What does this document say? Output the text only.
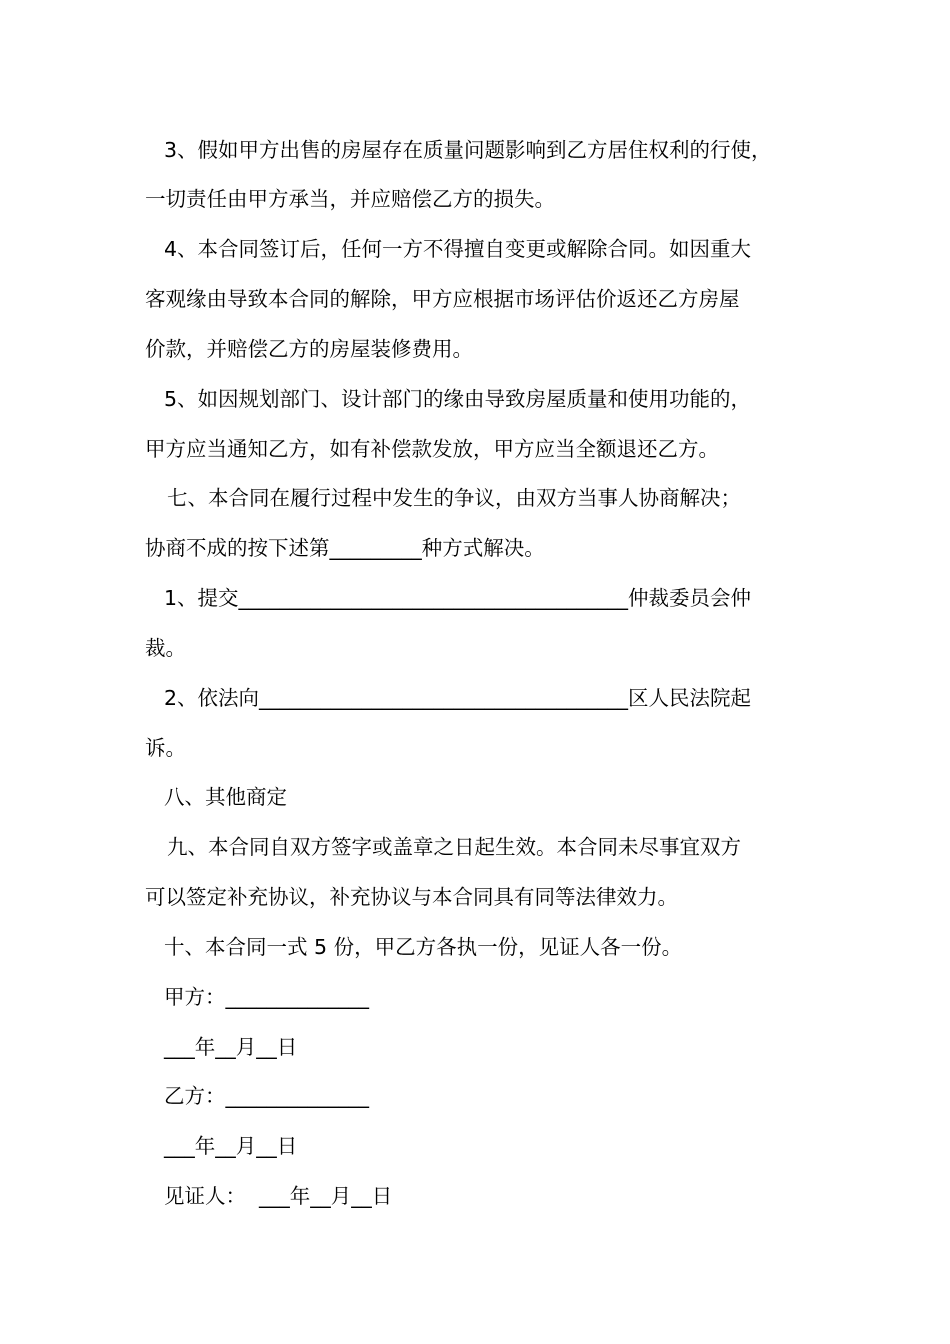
3、假如甲方出售的房屋存在质量问题影响到乙方居住权利的行使，

一切责任由甲方承当，并应赔偿乙方的损失。

4、本合同签订后，任何一方不得擅自变更或解除合同。如因重大

客观缘由导致本合同的解除，甲方应根据市场评估价返还乙方房屋

价款，并赔偿乙方的房屋装修费用。

5、如因规划部门、设计部门的缘由导致房屋质量和使用功能的，

甲方应当通知乙方，如有补偿款发放，甲方应当全额退还乙方。

七、本合同在履行过程中发生的争议，由双方当事人协商解决；

协商不成的按下述第_________种方式解决。

1、提交______________________________________仲裁委员会仲

裁。

2、依法向____________________________________区人民法院起

诉。

八、其他商定

九、本合同自双方签字或盖章之日起生效。本合同未尽事宜双方

可以签定补充协议，补充协议与本合同具有同等法律效力。

十、本合同一式 5 份，甲乙方各执一份，见证人各一份。

甲方：______________

___年__月__日

乙方：______________

___年__月__日

见证人：  ___年__月__日
